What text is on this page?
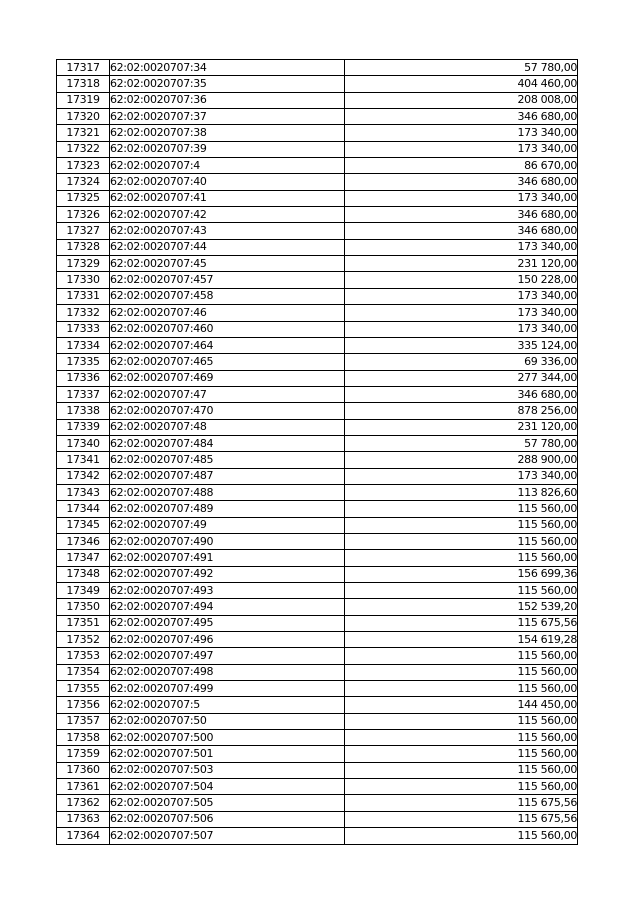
17317	62:02:0020707:34	57 780,00
17318	62:02:0020707:35	404 460,00
17319	62:02:0020707:36	208 008,00
17320	62:02:0020707:37	346 680,00
17321	62:02:0020707:38	173 340,00
17322	62:02:0020707:39	173 340,00
17323	62:02:0020707:4	86 670,00
17324	62:02:0020707:40	346 680,00
17325	62:02:0020707:41	173 340,00
17326	62:02:0020707:42	346 680,00
17327	62:02:0020707:43	346 680,00
17328	62:02:0020707:44	173 340,00
17329	62:02:0020707:45	231 120,00
17330	62:02:0020707:457	150 228,00
17331	62:02:0020707:458	173 340,00
17332	62:02:0020707:46	173 340,00
17333	62:02:0020707:460	173 340,00
17334	62:02:0020707:464	335 124,00
17335	62:02:0020707:465	69 336,00
17336	62:02:0020707:469	277 344,00
17337	62:02:0020707:47	346 680,00
17338	62:02:0020707:470	878 256,00
17339	62:02:0020707:48	231 120,00
17340	62:02:0020707:484	57 780,00
17341	62:02:0020707:485	288 900,00
17342	62:02:0020707:487	173 340,00
17343	62:02:0020707:488	113 826,60
17344	62:02:0020707:489	115 560,00
17345	62:02:0020707:49	115 560,00
17346	62:02:0020707:490	115 560,00
17347	62:02:0020707:491	115 560,00
17348	62:02:0020707:492	156 699,36
17349	62:02:0020707:493	115 560,00
17350	62:02:0020707:494	152 539,20
17351	62:02:0020707:495	115 675,56
17352	62:02:0020707:496	154 619,28
17353	62:02:0020707:497	115 560,00
17354	62:02:0020707:498	115 560,00
17355	62:02:0020707:499	115 560,00
17356	62:02:0020707:5	144 450,00
17357	62:02:0020707:50	115 560,00
17358	62:02:0020707:500	115 560,00
17359	62:02:0020707:501	115 560,00
17360	62:02:0020707:503	115 560,00
17361	62:02:0020707:504	115 560,00
17362	62:02:0020707:505	115 675,56
17363	62:02:0020707:506	115 675,56
17364	62:02:0020707:507	115 560,00
